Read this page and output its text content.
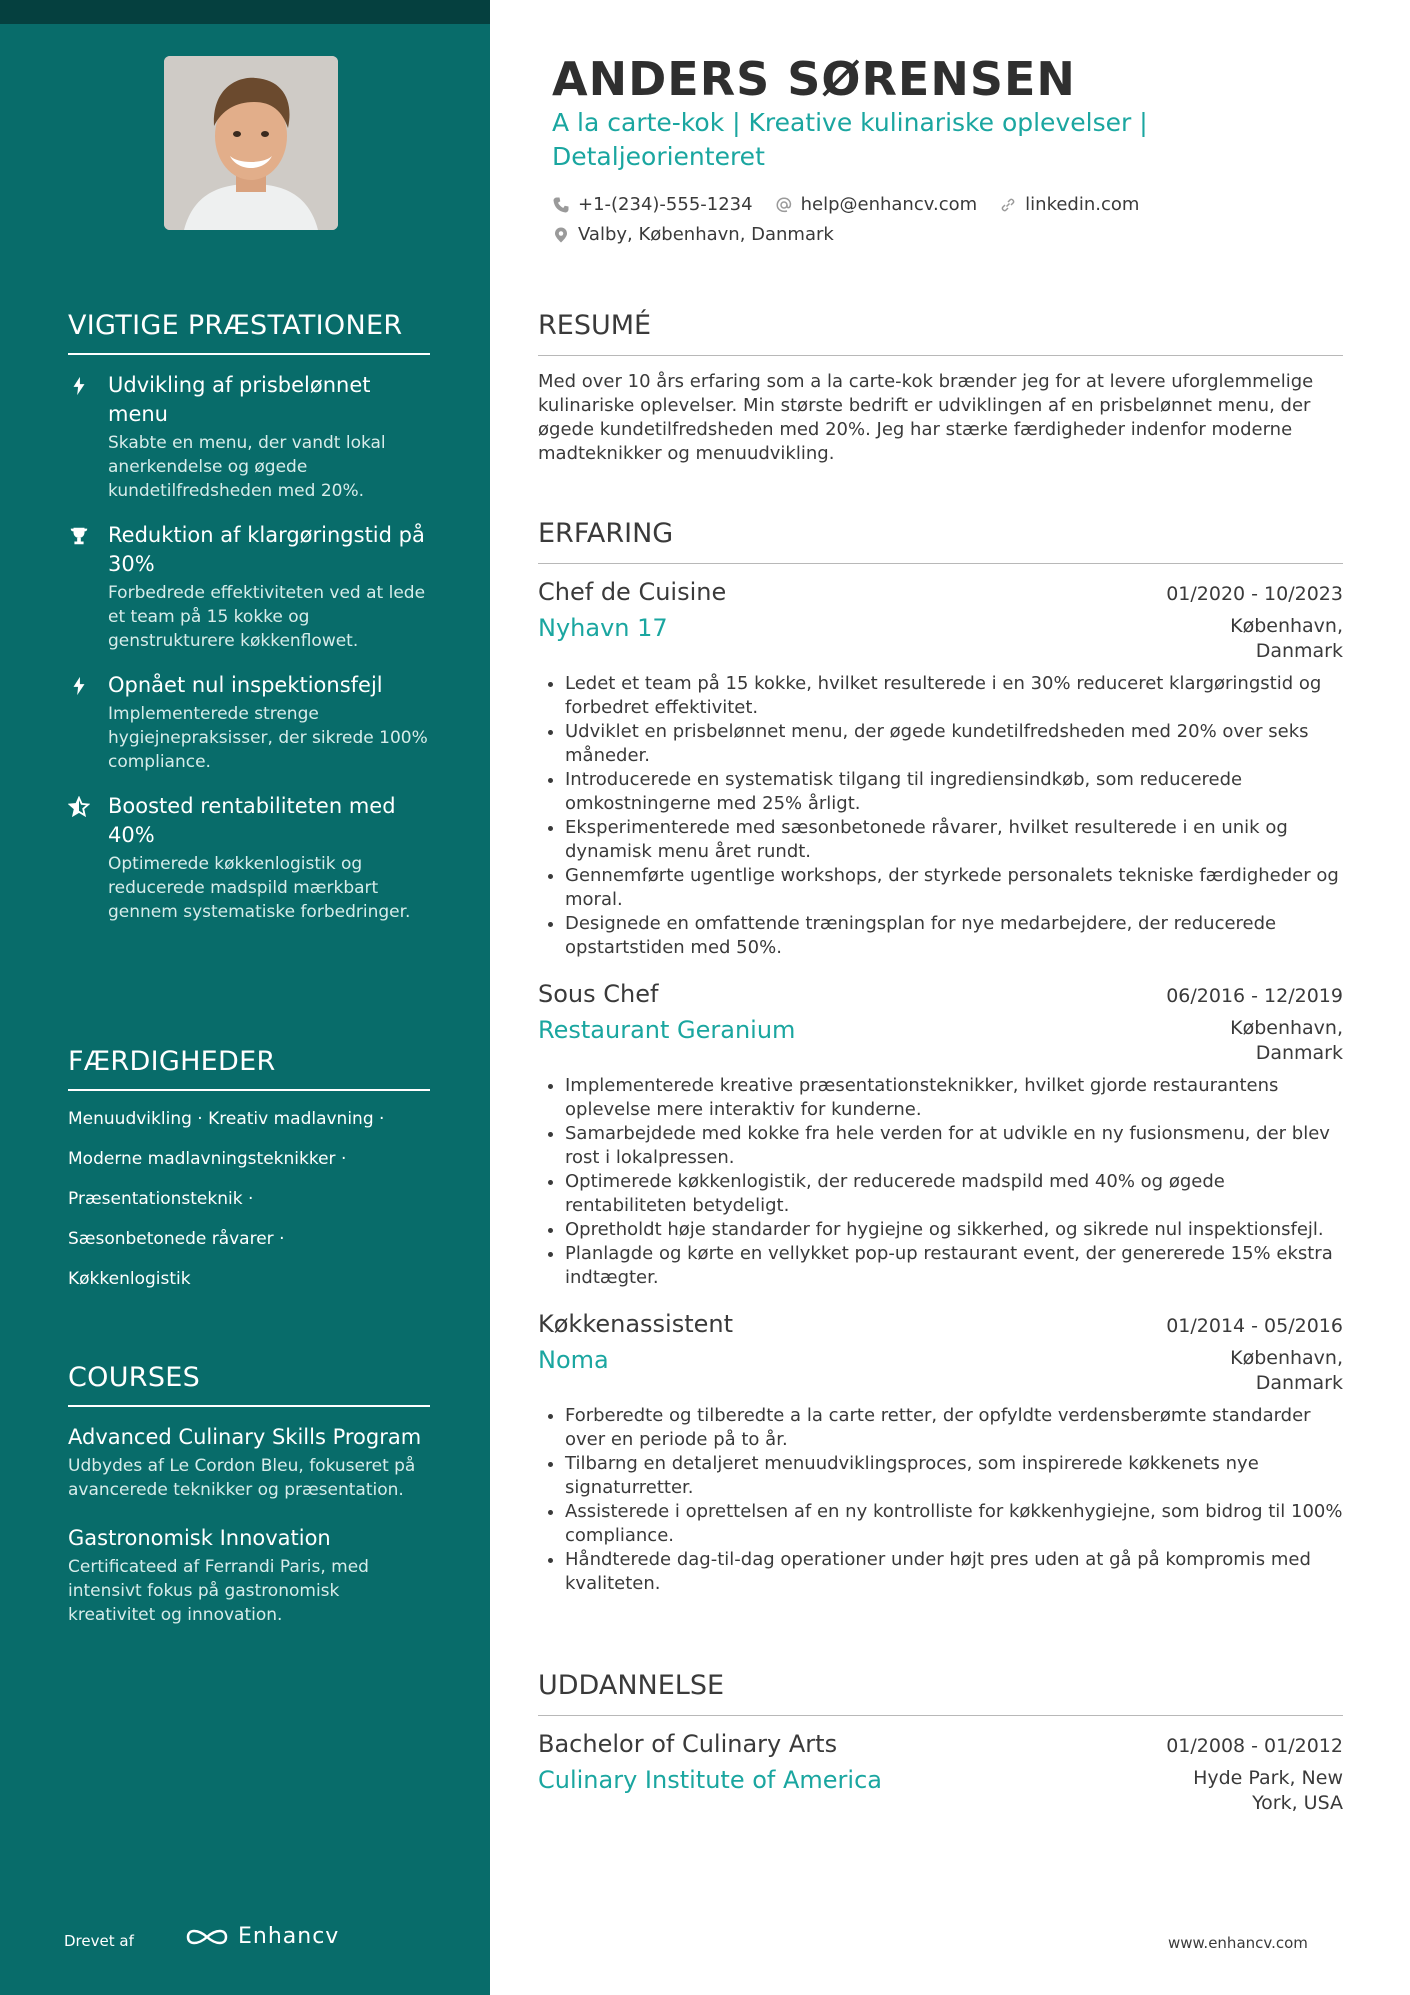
VIGTIGE PRÆSTATIONER
Udvikling af prisbelønnet menu
Skabte en menu, der vandt lokal anerkendelse og øgede kundetilfredsheden med 20%.
Reduktion af klargøringstid på 30%
Forbedrede effektiviteten ved at lede et team på 15 kokke og genstrukturere køkkenflowet.
Opnået nul inspektionsfejl
Implementerede strenge hygiejnepraksisser, der sikrede 100% compliance.
Boosted rentabiliteten med 40%
Optimerede køkkenlogistik og reducerede madspild mærkbart gennem systematiske forbedringer.
FÆRDIGHEDER
Menuudvikling · Kreativ madlavning ·
Moderne madlavningsteknikker ·
Præsentationsteknik ·
Sæsonbetonede råvarer ·
Køkkenlogistik
COURSES
Advanced Culinary Skills Program
Udbydes af Le Cordon Bleu, fokuseret på avancerede teknikker og præsentation.
Gastronomisk Innovation
Certificateed af Ferrandi Paris, med intensivt fokus på gastronomisk kreativitet og innovation.
Drevet af	Enhancv
ANDERS SØRENSEN
A la carte-kok | Kreative kulinariske oplevelser | Detaljeorienteret
+1-(234)-555-1234	help@enhancv.com	linkedin.com
Valby, København, Danmark
RESUMÉ
Med over 10 års erfaring som a la carte-kok brænder jeg for at levere uforglemmelige kulinariske oplevelser. Min største bedrift er udviklingen af en prisbelønnet menu, der øgede kundetilfredsheden med 20%. Jeg har stærke færdigheder indenfor moderne madteknikker og menuudvikling.
ERFARING
Chef de Cuisine	01/2020 - 10/2023
Nyhavn 17	København, Danmark
• Ledet et team på 15 kokke, hvilket resulterede i en 30% reduceret klargøringstid og forbedret effektivitet.
• Udviklet en prisbelønnet menu, der øgede kundetilfredsheden med 20% over seks måneder.
• Introducerede en systematisk tilgang til ingrediensindkøb, som reducerede omkostningerne med 25% årligt.
• Eksperimenterede med sæsonbetonede råvarer, hvilket resulterede i en unik og dynamisk menu året rundt.
• Gennemførte ugentlige workshops, der styrkede personalets tekniske færdigheder og moral.
• Designede en omfattende træningsplan for nye medarbejdere, der reducerede opstartstiden med 50%.
Sous Chef	06/2016 - 12/2019
Restaurant Geranium	København, Danmark
• Implementerede kreative præsentationsteknikker, hvilket gjorde restaurantens oplevelse mere interaktiv for kunderne.
• Samarbejdede med kokke fra hele verden for at udvikle en ny fusionsmenu, der blev rost i lokalpressen.
• Optimerede køkkenlogistik, der reducerede madspild med 40% og øgede rentabiliteten betydeligt.
• Opretholdt høje standarder for hygiejne og sikkerhed, og sikrede nul inspektionsfejl.
• Planlagde og kørte en vellykket pop-up restaurant event, der genererede 15% ekstra indtægter.
Køkkenassistent	01/2014 - 05/2016
Noma	København, Danmark
• Forberedte og tilberedte a la carte retter, der opfyldte verdensberømte standarder over en periode på to år.
• Tilbarng en detaljeret menuudviklingsproces, som inspirerede køkkenets nye signaturretter.
• Assisterede i oprettelsen af en ny kontrolliste for køkkenhygiejne, som bidrog til 100% compliance.
• Håndterede dag-til-dag operationer under højt pres uden at gå på kompromis med kvaliteten.
UDDANNELSE
Bachelor of Culinary Arts	01/2008 - 01/2012
Culinary Institute of America	Hyde Park, New York, USA
www.enhancv.com
